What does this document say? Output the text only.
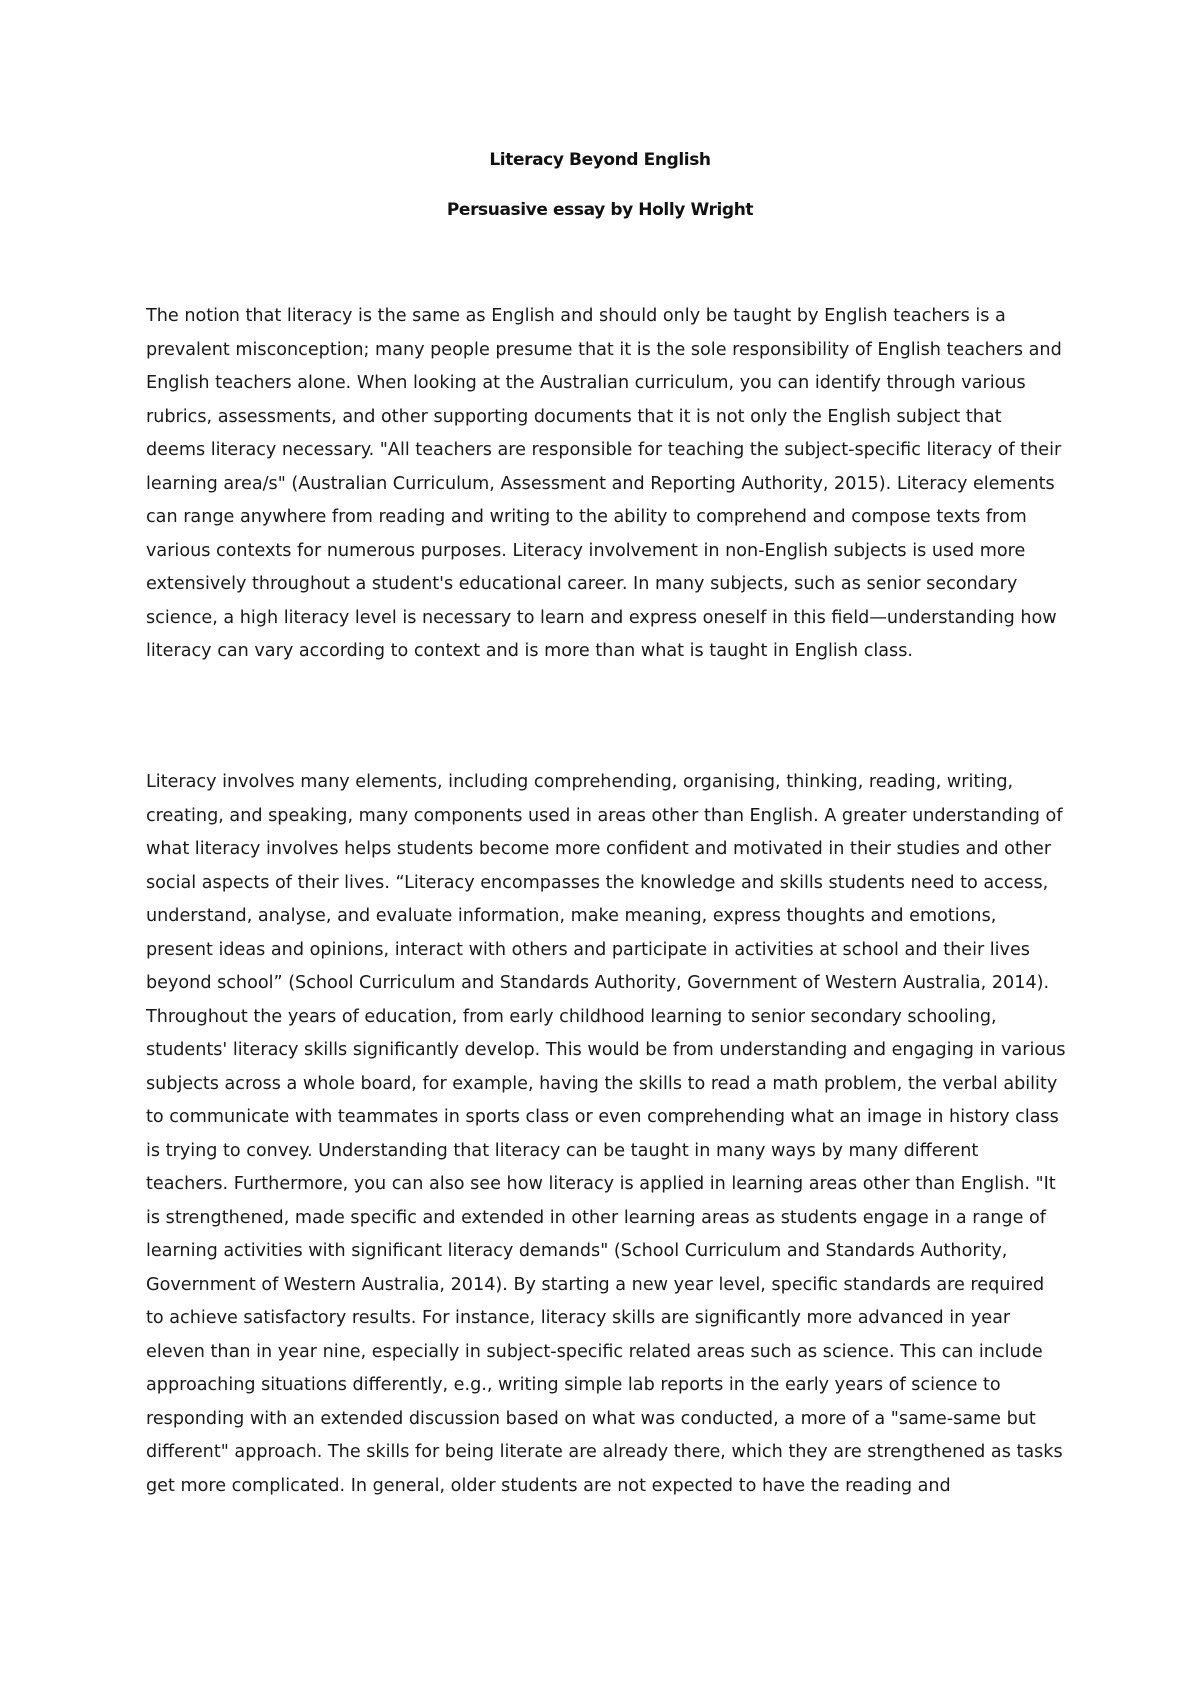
Literacy Beyond English
Persuasive essay by Holly Wright

The notion that literacy is the same as English and should only be taught by English teachers is a prevalent misconception; many people presume that it is the sole responsibility of English teachers and English teachers alone. When looking at the Australian curriculum, you can identify through various rubrics, assessments, and other supporting documents that it is not only the English subject that deems literacy necessary. "All teachers are responsible for teaching the subject-specific literacy of their learning area/s" (Australian Curriculum, Assessment and Reporting Authority, 2015). Literacy elements can range anywhere from reading and writing to the ability to comprehend and compose texts from various contexts for numerous purposes. Literacy involvement in non-English subjects is used more extensively throughout a student's educational career. In many subjects, such as senior secondary science, a high literacy level is necessary to learn and express oneself in this field—understanding how literacy can vary according to context and is more than what is taught in English class.

Literacy involves many elements, including comprehending, organising, thinking, reading, writing, creating, and speaking, many components used in areas other than English. A greater understanding of what literacy involves helps students become more confident and motivated in their studies and other social aspects of their lives. “Literacy encompasses the knowledge and skills students need to access, understand, analyse, and evaluate information, make meaning, express thoughts and emotions, present ideas and opinions, interact with others and participate in activities at school and their lives beyond school” (School Curriculum and Standards Authority, Government of Western Australia, 2014). Throughout the years of education, from early childhood learning to senior secondary schooling, students' literacy skills significantly develop. This would be from understanding and engaging in various subjects across a whole board, for example, having the skills to read a math problem, the verbal ability to communicate with teammates in sports class or even comprehending what an image in history class is trying to convey. Understanding that literacy can be taught in many ways by many different teachers. Furthermore, you can also see how literacy is applied in learning areas other than English. "It is strengthened, made specific and extended in other learning areas as students engage in a range of learning activities with significant literacy demands" (School Curriculum and Standards Authority, Government of Western Australia, 2014). By starting a new year level, specific standards are required to achieve satisfactory results. For instance, literacy skills are significantly more advanced in year eleven than in year nine, especially in subject-specific related areas such as science. This can include approaching situations differently, e.g., writing simple lab reports in the early years of science to responding with an extended discussion based on what was conducted, a more of a "same-same but different" approach. The skills for being literate are already there, which they are strengthened as tasks get more complicated. In general, older students are not expected to have the reading and
